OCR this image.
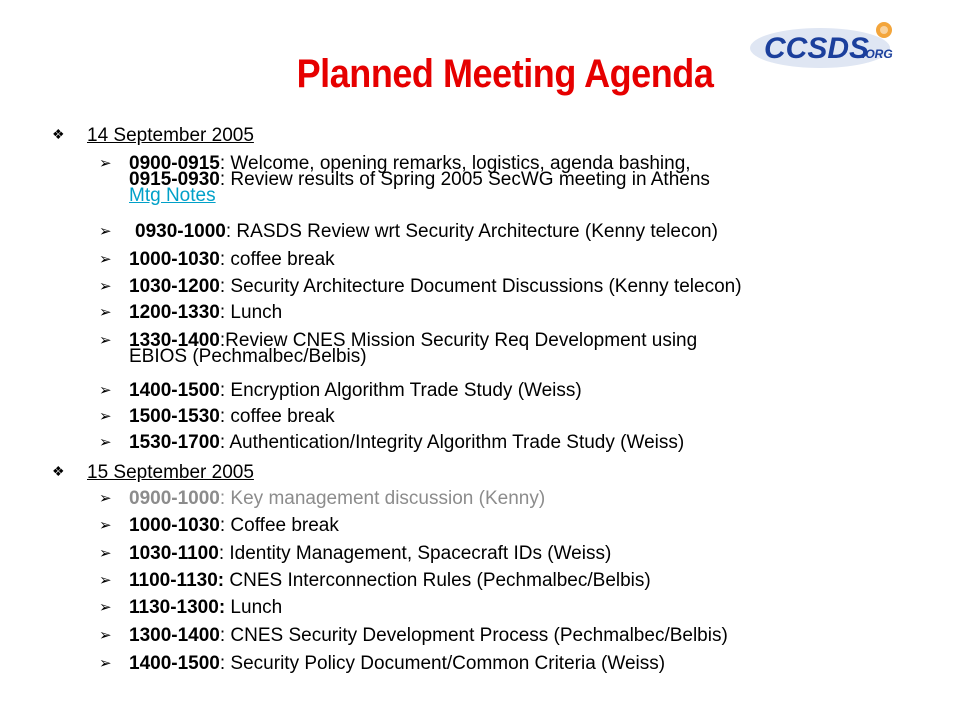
CCSDS
.ORG
Planned Meeting Agenda
❖ 14 September 2005
➢ 0900-0915: Welcome, opening remarks, logistics, agenda bashing,
0915-0930: Review results of Spring 2005 SecWG meeting in Athens
Mtg Notes
➢ 0930-1000: RASDS Review wrt Security Architecture (Kenny telecon)
➢ 1000-1030: coffee break
➢ 1030-1200: Security Architecture Document Discussions (Kenny telecon)
➢ 1200-1330: Lunch
➢ 1330-1400:Review CNES Mission Security Req Development using
EBIOS (Pechmalbec/Belbis)
➢ 1400-1500: Encryption Algorithm Trade Study (Weiss)
➢ 1500-1530: coffee break
➢ 1530-1700: Authentication/Integrity Algorithm Trade Study (Weiss)
❖ 15 September 2005
➢ 0900-1000: Key management discussion (Kenny)
➢ 1000-1030: Coffee break
➢ 1030-1100: Identity Management, Spacecraft IDs (Weiss)
➢ 1100-1130: CNES Interconnection Rules (Pechmalbec/Belbis)
➢ 1130-1300: Lunch
➢ 1300-1400: CNES Security Development Process (Pechmalbec/Belbis)
➢ 1400-1500: Security Policy Document/Common Criteria (Weiss)
